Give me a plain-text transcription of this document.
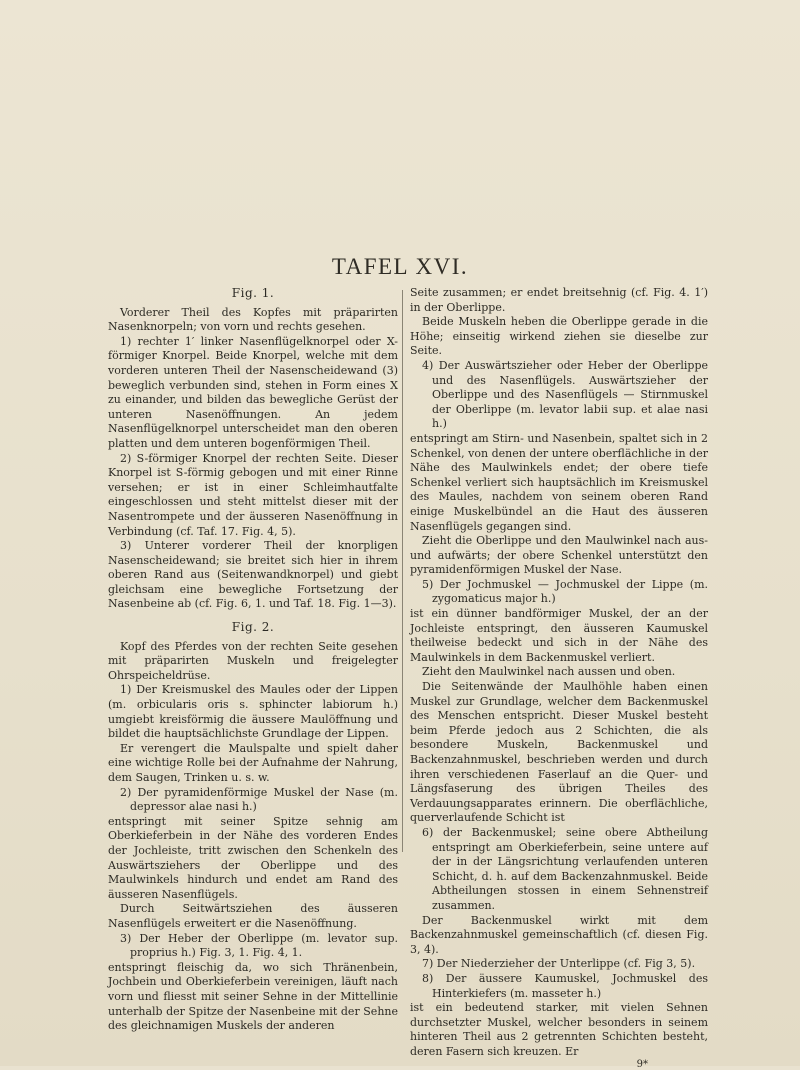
TAFEL XVI.

Fig. 1.

Vorderer Theil des Kopfes mit präparirten Nasenknorpeln; von vorn und rechts gesehen.

1) rechter 1′ linker Nasenflügelknorpel oder X-förmiger Knorpel. Beide Knorpel, welche mit dem vorderen unteren Theil der Nasenscheidewand (3) beweglich verbunden sind, stehen in Form eines X zu einander, und bilden das bewegliche Gerüst der unteren Nasenöffnungen. An jedem Nasenflügelknorpel unterscheidet man den oberen platten und dem unteren bogenförmigen Theil.

2) S-förmiger Knorpel der rechten Seite. Dieser Knorpel ist S-förmig gebogen und mit einer Rinne versehen; er ist in einer Schleimhautfalte eingeschlossen und steht mittelst dieser mit der Nasentrompete und der äusseren Nasenöffnung in Verbindung (cf. Taf. 17. Fig. 4, 5).

3) Unterer vorderer Theil der knorpligen Nasenscheidewand; sie breitet sich hier in ihrem oberen Rand aus (Seitenwandknorpel) und giebt gleichsam eine bewegliche Fortsetzung der Nasenbeine ab (cf. Fig. 6, 1. und Taf. 18. Fig. 1—3).

Fig. 2.

Kopf des Pferdes von der rechten Seite gesehen mit präparirten Muskeln und freigelegter Ohrspeicheldrüse.

1) Der Kreismuskel des Maules oder der Lippen (m. orbicularis oris s. sphincter labiorum h.) umgiebt kreisförmig die äussere Maulöffnung und bildet die hauptsächlichste Grundlage der Lippen.

Er verengert die Maulspalte und spielt daher eine wichtige Rolle bei der Aufnahme der Nahrung, dem Saugen, Trinken u. s. w.

2) Der pyramidenförmige Muskel der Nase (m. depressor alae nasi h.)

entspringt mit seiner Spitze sehnig am Oberkieferbein in der Nähe des vorderen Endes der Jochleiste, tritt zwischen den Schenkeln des Auswärtsziehers der Oberlippe und des Maulwinkels hindurch und endet am Rand des äusseren Nasenflügels.

Durch Seitwärtsziehen des äusseren Nasenflügels erweitert er die Nasenöffnung.

3) Der Heber der Oberlippe (m. levator sup. proprius h.) Fig. 3, 1. Fig. 4, 1.

entspringt fleischig da, wo sich Thränenbein, Jochbein und Oberkieferbein vereinigen, läuft nach vorn und fliesst mit seiner Sehne in der Mittellinie unterhalb der Spitze der Nasenbeine mit der Sehne des gleichnamigen Muskels der anderen

Seite zusammen; er endet breitsehnig (cf. Fig. 4. 1′) in der Oberlippe.

Beide Muskeln heben die Oberlippe gerade in die Höhe; einseitig wirkend ziehen sie dieselbe zur Seite.

4) Der Auswärtszieher oder Heber der Oberlippe und des Nasenflügels. Auswärtszieher der Oberlippe und des Nasenflügels — Stirnmuskel der Oberlippe (m. levator labii sup. et alae nasi h.)

entspringt am Stirn- und Nasenbein, spaltet sich in 2 Schenkel, von denen der untere oberflächliche in der Nähe des Maulwinkels endet; der obere tiefe Schenkel verliert sich hauptsächlich im Kreismuskel des Maules, nachdem von seinem oberen Rand einige Muskelbündel an die Haut des äusseren Nasenflügels gegangen sind.

Zieht die Oberlippe und den Maulwinkel nach aus- und aufwärts; der obere Schenkel unterstützt den pyramidenförmigen Muskel der Nase.

5) Der Jochmuskel — Jochmuskel der Lippe (m. zygomaticus major h.)

ist ein dünner bandförmiger Muskel, der an der Jochleiste entspringt, den äusseren Kaumuskel theilweise bedeckt und sich in der Nähe des Maulwinkels in dem Backenmuskel verliert.

Zieht den Maulwinkel nach aussen und oben.

Die Seitenwände der Maulhöhle haben einen Muskel zur Grundlage, welcher dem Backenmuskel des Menschen entspricht. Dieser Muskel besteht beim Pferde jedoch aus 2 Schichten, die als besondere Muskeln, Backenmuskel und Backenzahnmuskel, beschrieben werden und durch ihren verschiedenen Faserlauf an die Quer- und Längsfaserung des übrigen Theiles des Verdauungsapparates erinnern. Die oberflächliche, querverlaufende Schicht ist

6) der Backenmuskel; seine obere Abtheilung entspringt am Oberkieferbein, seine untere auf der in der Längsrichtung verlaufenden unteren Schicht, d. h. auf dem Backenzahnmuskel. Beide Abtheilungen stossen in einem Sehnenstreif zusammen.

Der Backenmuskel wirkt mit dem Backenzahnmuskel gemeinschaftlich (cf. diesen Fig. 3, 4).

7) Der Niederzieher der Unterlippe (cf. Fig 3, 5).

8) Der äussere Kaumuskel, Jochmuskel des Hinterkiefers (m. masseter h.)

ist ein bedeutend starker, mit vielen Sehnen durchsetzter Muskel, welcher besonders in seinem hinteren Theil aus 2 getrennten Schichten besteht, deren Fasern sich kreuzen. Er

9*
